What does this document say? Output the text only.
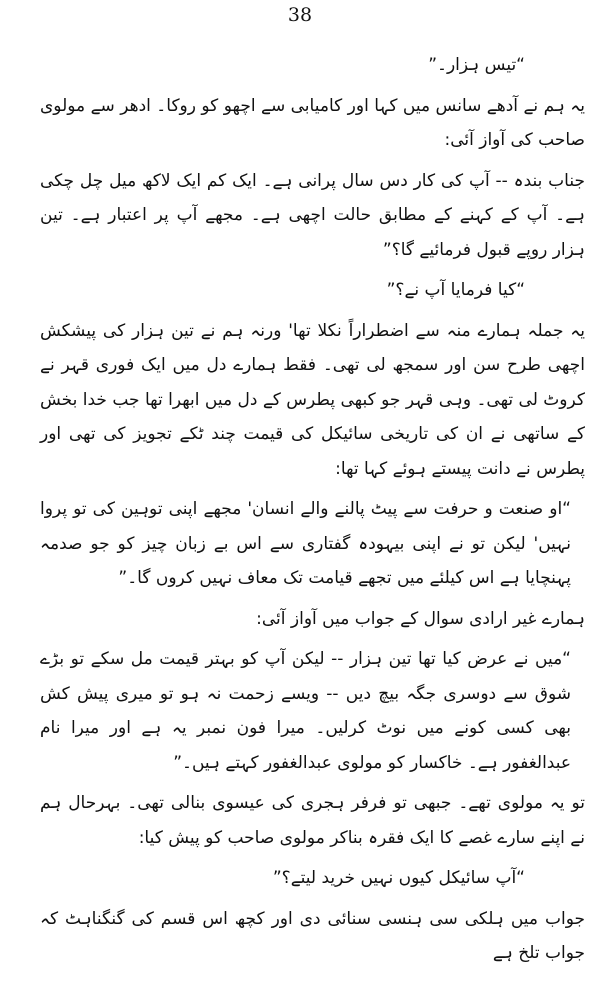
38

“تیس ہزار۔”

یہ ہم نے آدھے سانس میں کہا اور کامیابی سے اچھو کو روکا۔ ادھر سے مولوی صاحب کی آواز آئی:

جناب بندہ -- آپ کی کار دس سال پرانی ہے۔ ایک کم ایک لاکھ میل چل چکی ہے۔ آپ کے کہنے کے مطابق حالت اچھی ہے۔ مجھے آپ پر اعتبار ہے۔ تین ہزار روپے قبول فرمائیے گا؟”

“کیا فرمایا آپ نے؟”

یہ جملہ ہمارے منہ سے اضطراراً نکلا تھا' ورنہ ہم نے تین ہزار کی پیشکش اچھی طرح سن اور سمجھ لی تھی۔ فقط ہمارے دل میں ایک فوری قہر نے کروٹ لی تھی۔ وہی قہر جو کبھی پطرس کے دل میں ابھرا تھا جب خدا بخش کے ساتھی نے ان کی تاریخی سائیکل کی قیمت چند ٹکے تجویز کی تھی اور پطرس نے دانت پیستے ہوئے کہا تھا:

“او صنعت و حرفت سے پیٹ پالنے والے انسان' مجھے اپنی توہین کی تو پروا نہیں' لیکن تو نے اپنی بیہودہ گفتاری سے اس بے زبان چیز کو جو صدمہ پہنچایا ہے اس کیلئے میں تجھے قیامت تک معاف نہیں کروں گا۔”

ہمارے غیر ارادی سوال کے جواب میں آواز آئی:

“میں نے عرض کیا تھا تین ہزار -- لیکن آپ کو بہتر قیمت مل سکے تو بڑے شوق سے دوسری جگہ بیچ دیں -- ویسے زحمت نہ ہو تو میری پیش کش بھی کسی کونے میں نوٹ کرلیں۔ میرا فون نمبر یہ ہے اور میرا نام عبدالغفور ہے۔ خاکسار کو مولوی عبدالغفور کہتے ہیں۔”

تو یہ مولوی تھے۔ جبھی تو فرفر ہجری کی عیسوی بنالی تھی۔ بہرحال ہم نے اپنے سارے غصے کا ایک فقرہ بناکر مولوی صاحب کو پیش کیا:

“آپ سائیکل کیوں نہیں خرید لیتے؟”

جواب میں ہلکی سی ہنسی سنائی دی اور کچھ اس قسم کی گنگناہٹ کہ جواب تلخ ہے
